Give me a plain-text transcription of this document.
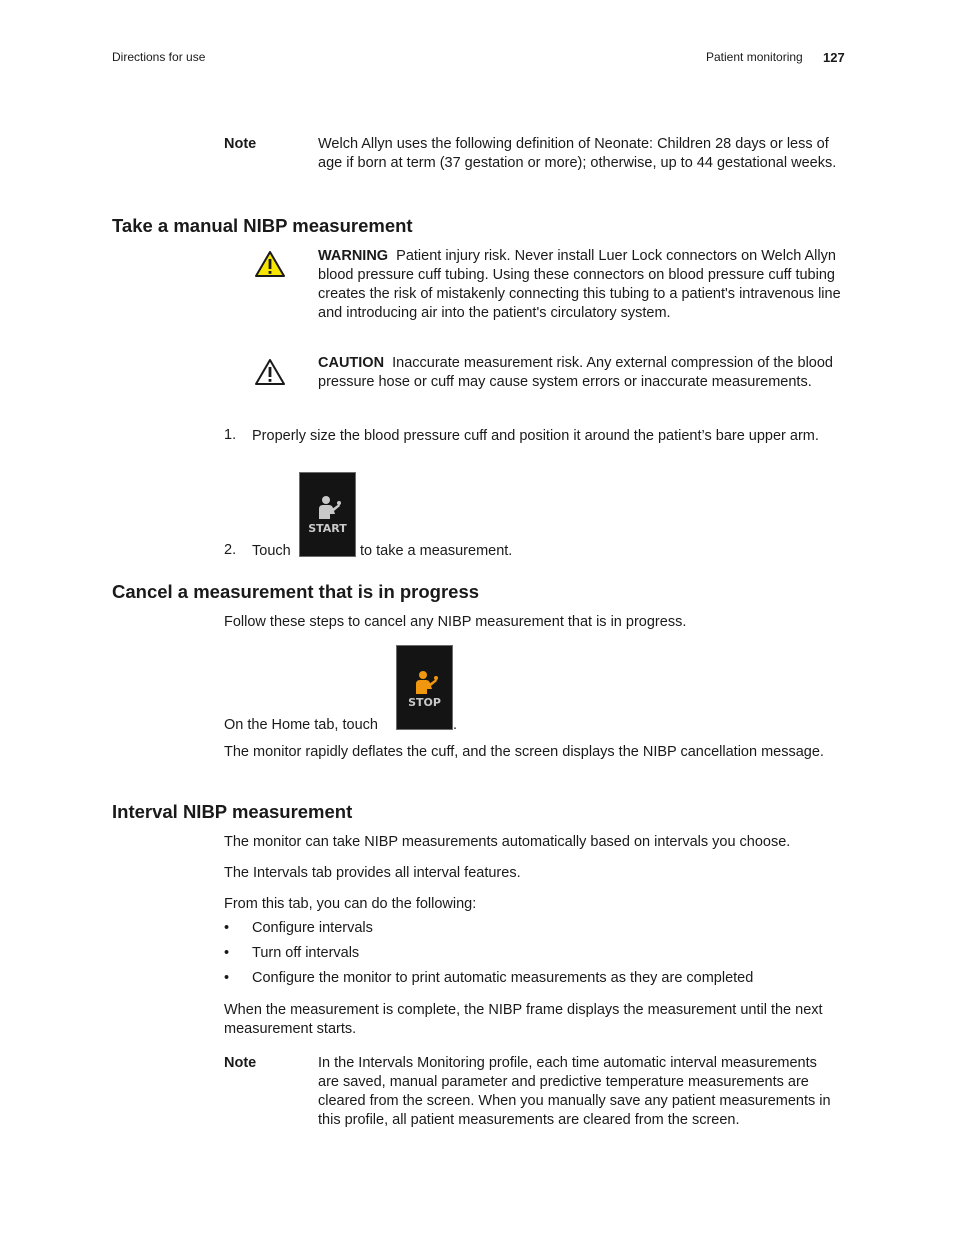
Directions for use	Patient monitoring 127
Note	Welch Allyn uses the following definition of Neonate: Children 28 days or less of age if born at term (37 gestation or more); otherwise, up to 44 gestational weeks.
Take a manual NIBP measurement
WARNING Patient injury risk. Never install Luer Lock connectors on Welch Allyn blood pressure cuff tubing. Using these connectors on blood pressure cuff tubing creates the risk of mistakenly connecting this tubing to a patient's intravenous line and introducing air into the patient's circulatory system.
CAUTION Inaccurate measurement risk. Any external compression of the blood pressure hose or cuff may cause system errors or inaccurate measurements.
1. Properly size the blood pressure cuff and position it around the patient’s bare upper arm.
2. Touch
START
to take a measurement.
Cancel a measurement that is in progress
Follow these steps to cancel any NIBP measurement that is in progress.
On the Home tab, touch
STOP
.
The monitor rapidly deflates the cuff, and the screen displays the NIBP cancellation message.
Interval NIBP measurement
The monitor can take NIBP measurements automatically based on intervals you choose.
The Intervals tab provides all interval features.
From this tab, you can do the following:
• Configure intervals
• Turn off intervals
• Configure the monitor to print automatic measurements as they are completed
When the measurement is complete, the NIBP frame displays the measurement until the next measurement starts.
Note	In the Intervals Monitoring profile, each time automatic interval measurements are saved, manual parameter and predictive temperature measurements are cleared from the screen. When you manually save any patient measurements in this profile, all patient measurements are cleared from the screen.
